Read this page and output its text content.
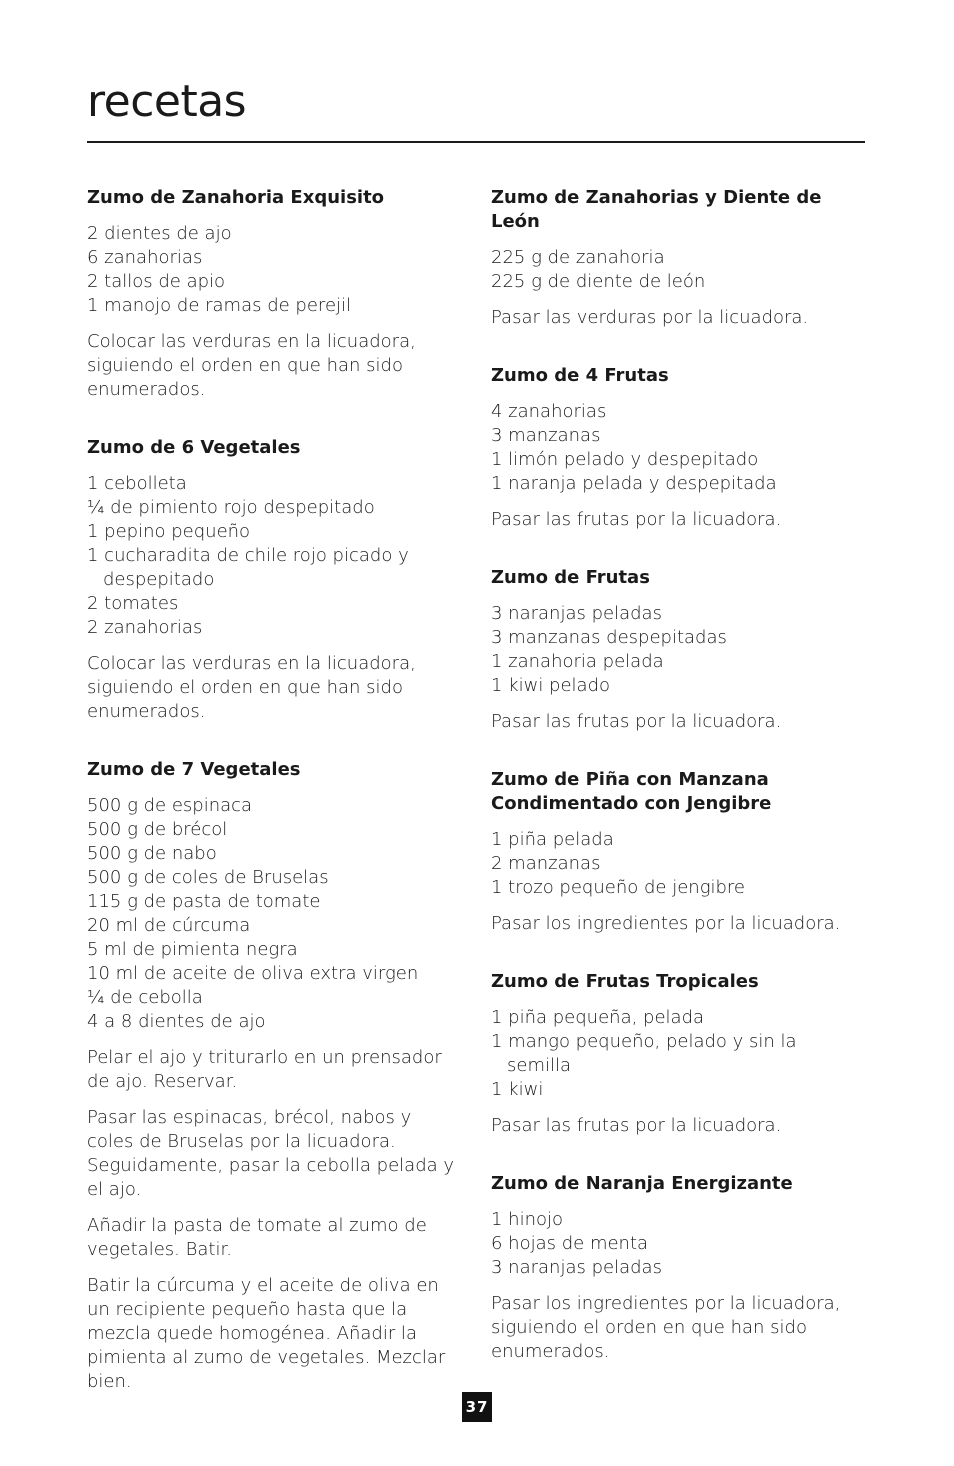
recetas
Zumo de Zanahoria Exquisito
2 dientes de ajo
6 zanahorias
2 tallos de apio
1 manojo de ramas de perejil

Colocar las verduras en la licuadora, siguiendo el orden en que han sido enumerados.

Zumo de 6 Vegetales
1 cebolleta
¼ de pimiento rojo despepitado
1 pepino pequeño
1 cucharadita de chile rojo picado y despepitado
2 tomates
2 zanahorias

Colocar las verduras en la licuadora, siguiendo el orden en que han sido enumerados.

Zumo de 7 Vegetales
500 g de espinaca
500 g de brécol
500 g de nabo
500 g de coles de Bruselas
115 g de pasta de tomate
20 ml de cúrcuma
5 ml de pimienta negra
10 ml de aceite de oliva extra virgen
¼ de cebolla
4 a 8 dientes de ajo

Pelar el ajo y triturarlo en un prensador de ajo. Reservar.

Pasar las espinacas, brécol, nabos y coles de Bruselas por la licuadora. Seguidamente, pasar la cebolla pelada y el ajo.

Añadir la pasta de tomate al zumo de vegetales. Batir.

Batir la cúrcuma y el aceite de oliva en un recipiente pequeño hasta que la mezcla quede homogénea. Añadir la pimienta al zumo de vegetales. Mezclar bien.

Zumo de Zanahorias y Diente de León
225 g de zanahoria
225 g de diente de león

Pasar las verduras por la licuadora.

Zumo de 4 Frutas
4 zanahorias
3 manzanas
1 limón pelado y despepitado
1 naranja pelada y despepitada

Pasar las frutas por la licuadora.

Zumo de Frutas
3 naranjas peladas
3 manzanas despepitadas
1 zanahoria pelada
1 kiwi pelado

Pasar las frutas por la licuadora.

Zumo de Piña con Manzana Condimentado con Jengibre
1 piña pelada
2 manzanas
1 trozo pequeño de jengibre

Pasar los ingredientes por la licuadora.

Zumo de Frutas Tropicales
1 piña pequeña, pelada
1 mango pequeño, pelado y sin la semilla
1 kiwi

Pasar las frutas por la licuadora.

Zumo de Naranja Energizante
1 hinojo
6 hojas de menta
3 naranjas peladas

Pasar los ingredientes por la licuadora, siguiendo el orden en que han sido enumerados.

37
